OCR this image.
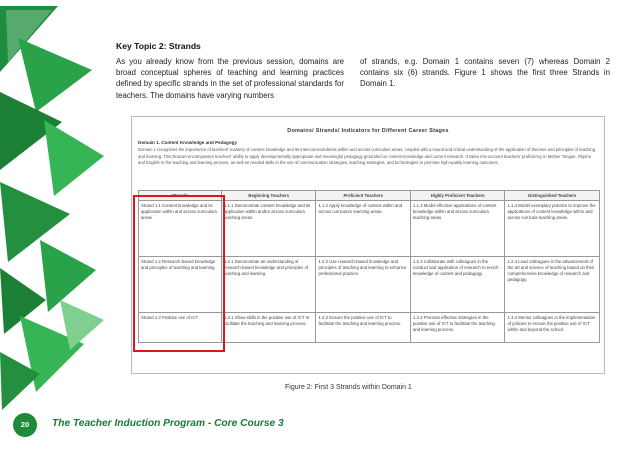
Key Topic 2: Strands

As you already know from the previous session, domains are broad conceptual spheres of teaching and learning practices defined by specific strands in the set of professional standards for teachers. The domains have varying numbers

of strands, e.g. Domain 1 contains seven (7) whereas Domain 2 contains six (6) strands. Figure 1 shows the first three Strands in Domain 1.

Domains/ Strands/ Indicators for Different Career Stages
Domain 1. Content Knowledge and Pedagogy
Domain 1 recognizes the importance of teachers' mastery of content knowledge and its interconnectedness within and across curriculum areas, coupled with a sound and critical understanding of the application of theories and principles of teaching and learning. This Domain encompasses teachers' ability to apply developmentally appropriate and meaningful pedagogy grounded on content knowledge and current research. It takes into account teachers' proficiency in Mother Tongue, Filipino and English in the teaching and learning process, as well as needed skills in the use of communication strategies, teaching strategies, and technologies to promote high-quality learning outcomes.
Strands	Beginning Teachers	Proficient Teachers	Highly Proficient Teachers	Distinguished Teachers
Strand 1.1 Content knowledge and its application within and across curriculum areas	1.1.1 Demonstrate content knowledge and its application within and/or across curriculum teaching areas.	1.1.2 Apply knowledge of content within and across curriculum teaching areas.	1.1.3 Model effective applications of content knowledge within and across curriculum teaching areas.	1.1.4 Model exemplary practice to improve the applications of content knowledge within and across curricula teaching areas.
Strand 1.2 Research-based knowledge and principles of teaching and learning	1.2.1 Demonstrate an understanding of research-based knowledge and principles of teaching and learning.	1.2.2 Use research-based knowledge and principles of teaching and learning to enhance professional practice.	1.2.3 Collaborate with colleagues in the conduct and application of research to enrich knowledge of content and pedagogy.	1.2.4 Lead colleagues in the advancement of the art and science of teaching based on their comprehensive knowledge of research and pedagogy.
Strand 1.3 Positive use of ICT	1.3.1 Show skills in the positive use of ICT to facilitate the teaching and learning process.	1.3.2 Ensure the positive use of ICT to facilitate the teaching and learning process.	1.3.3 Promote effective strategies in the positive use of ICT to facilitate the teaching and learning process.	1.3.4 Mentor colleagues in the implementation of policies to ensure the positive use of ICT within and beyond the school.
Figure 2: First 3 Strands within Domain 1
20	The Teacher Induction Program - Core Course 3
